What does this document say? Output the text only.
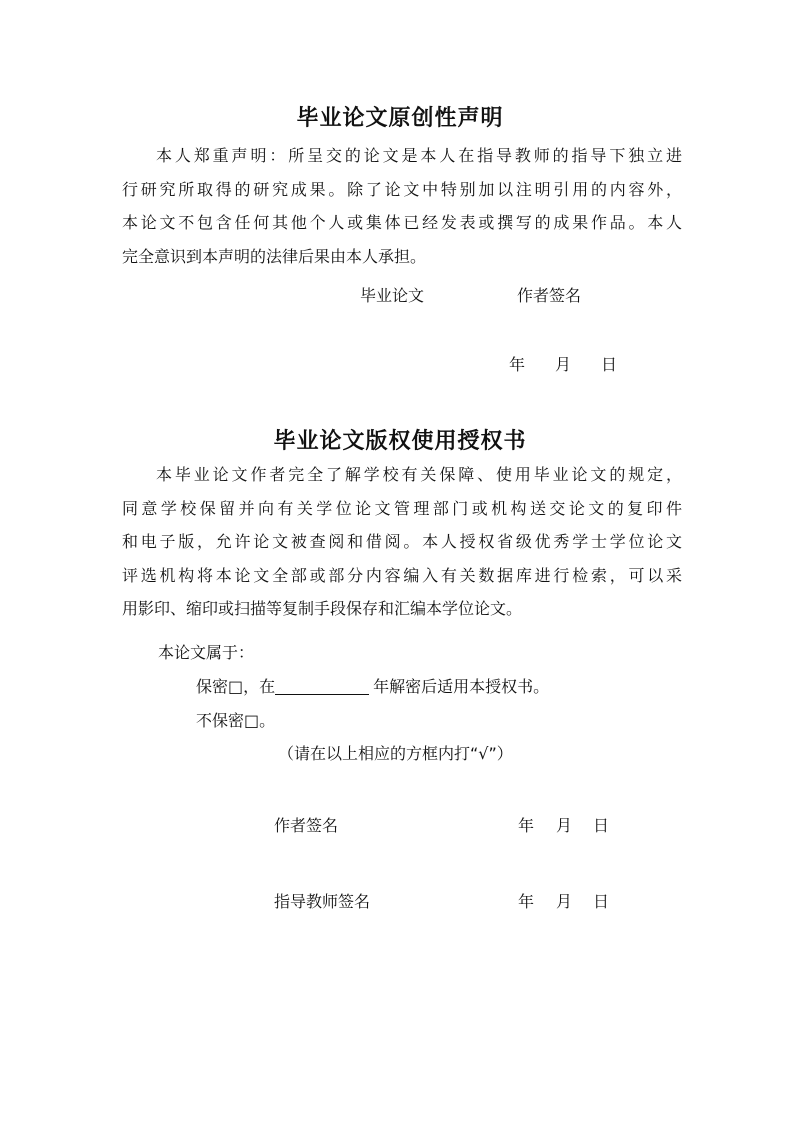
毕业论文原创性声明
本人郑重声明：所呈交的论文是本人在指导教师的指导下独立进
行研究所取得的研究成果。除了论文中特别加以注明引用的内容外，
本论文不包含任何其他个人或集体已经发表或撰写的成果作品。本人
完全意识到本声明的法律后果由本人承担。
毕业论文	作者签名
年 月 日
毕业论文版权使用授权书
本毕业论文作者完全了解学校有关保障、使用毕业论文的规定，
同意学校保留并向有关学位论文管理部门或机构送交论文的复印件
和电子版，允许论文被查阅和借阅。本人授权省级优秀学士学位论文
评选机构将本论文全部或部分内容编入有关数据库进行检索，可以采
用影印、缩印或扫描等复制手段保存和汇编本学位论文。
本论文属于：
保密□，在	年解密后适用本授权书。
不保密□。
（请在以上相应的方框内打“√”）
作者签名	年 月 日
指导教师签名	年 月 日
